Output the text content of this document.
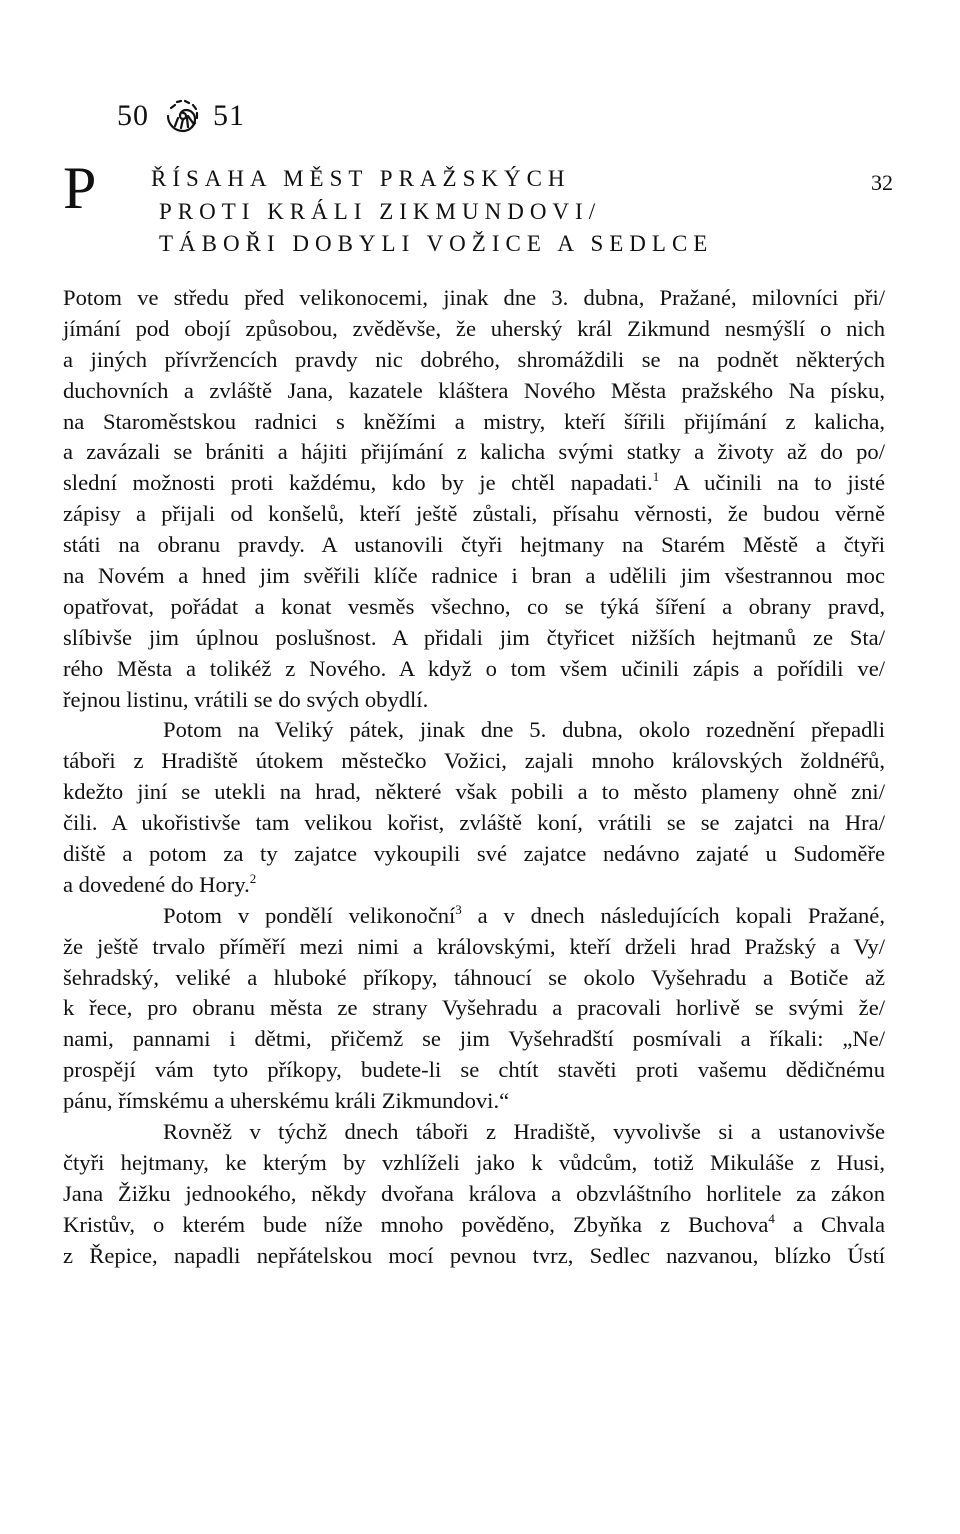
50 51
P ŘÍSAHA MĚST PRAŽSKÝCH
PROTI KRÁLI ZIKMUNDOVI/
TÁBOŘI DOBYLI VOŽICE A SEDLCE
32
Potom ve středu před velikonocemi, jinak dne 3. dubna, Pražané, milovníci při/
jímání pod obojí způsobou, zvěděvše, že uherský král Zikmund nesmýšlí o nich
a jiných přívržencích pravdy nic dobrého, shromáždili se na podnět některých
duchovních a zvláště Jana, kazatele kláštera Nového Města pražského Na písku,
na Staroměstskou radnici s kněžími a mistry, kteří šířili přijímání z kalicha,
a zavázali se brániti a hájiti přijímání z kalicha svými statky a životy až do po/
slední možnosti proti každému, kdo by je chtěl napadati.$^1$ A učinili na to jisté
zápisy a přijali od konšelů, kteří ještě zůstali, přísahu věrnosti, že budou věrně
státi na obranu pravdy. A ustanovili čtyři hejtmany na Starém Městě a čtyři
na Novém a hned jim svěřili klíče radnice i bran a udělili jim všestrannou moc
opatřovat, pořádat a konat vesměs všechno, co se týká šíření a obrany pravd,
slíbivše jim úplnou poslušnost. A přidali jim čtyřicet nižších hejtmanů ze Sta/
rého Města a tolikéž z Nového. A když o tom všem učinili zápis a pořídili ve/
řejnou listinu, vrátili se do svých obydlí.
Potom na Veliký pátek, jinak dne 5. dubna, okolo rozednění přepadli
táboři z Hradiště útokem městečko Vožici, zajali mnoho královských žoldnéřů,
kdežto jiní se utekli na hrad, některé však pobili a to město plameny ohně zni/
čili. A ukořistivše tam velikou kořist, zvláště koní, vrátili se se zajatci na Hra/
diště a potom za ty zajatce vykoupili své zajatce nedávno zajaté u Sudoměře
a dovedené do Hory.$^2$
Potom v pondělí velikonoční$^3$ a v dnech následujících kopali Pražané,
že ještě trvalo příměří mezi nimi a královskými, kteří drželi hrad Pražský a Vy/
šehradský, veliké a hluboké příkopy, táhnoucí se okolo Vyšehradu a Botiče až
k řece, pro obranu města ze strany Vyšehradu a pracovali horlivě se svými že/
nami, pannami i dětmi, přičemž se jim Vyšehradští posmívali a říkali: „Ne/
prospějí vám tyto příkopy, budete-li se chtít stavěti proti vašemu dědičnému
pánu, římskému a uherskému králi Zikmundovi.“
Rovněž v týchž dnech táboři z Hradiště, vyvolivše si a ustanovivše
čtyři hejtmany, ke kterým by vzhlíželi jako k vůdcům, totiž Mikuláše z Husi,
Jana Žižku jednookého, někdy dvořana králova a obzvláštního horlitele za zákon
Kristův, o kterém bude níže mnoho pověděno, Zbyňka z Buchova$^4$ a Chvala
z Řepice, napadli nepřátelskou mocí pevnou tvrz, Sedlec nazvanou, blízko Ústí
